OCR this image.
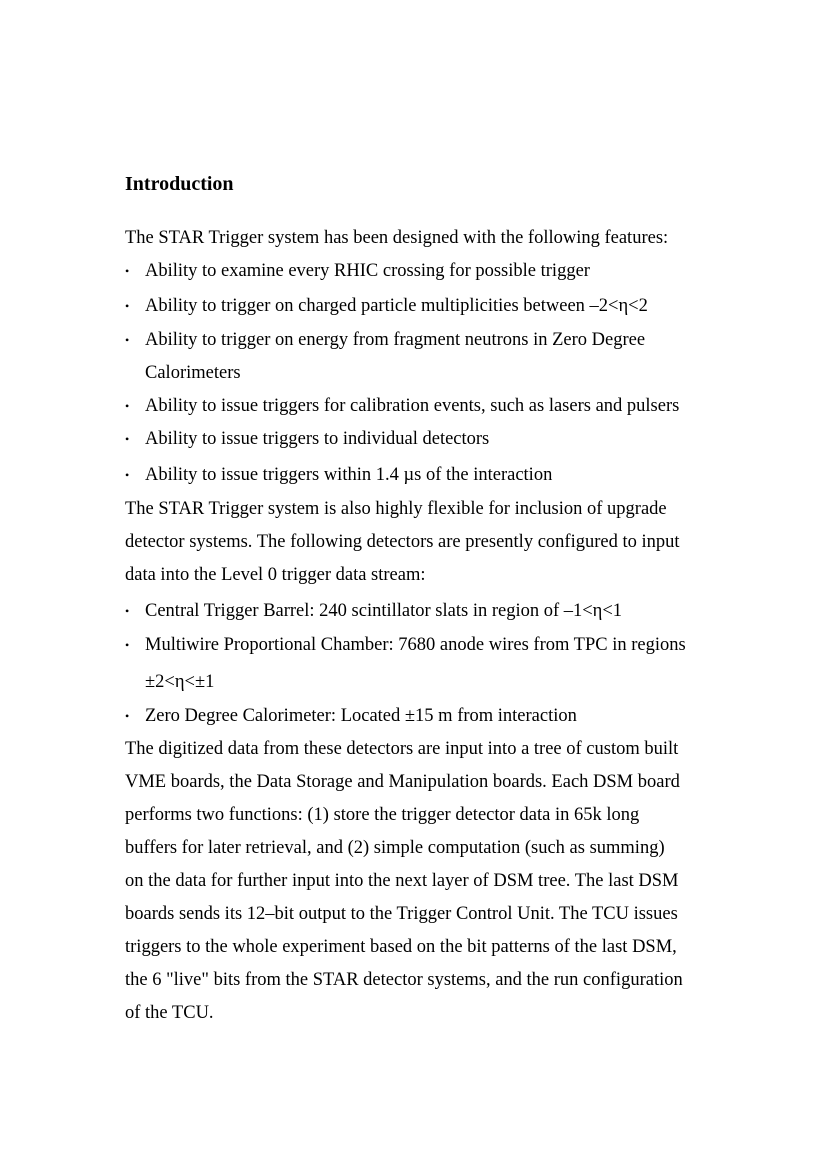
Introduction

The STAR Trigger system has been designed with the following features:

• Ability to examine every RHIC crossing for possible trigger

• Ability to trigger on charged particle multiplicities between –2<η<2

• Ability to trigger on energy from fragment neutrons in Zero Degree

Calorimeters

• Ability to issue triggers for calibration events, such as lasers and pulsers

• Ability to issue triggers to individual detectors

• Ability to issue triggers within 1.4 µs of the interaction

The STAR Trigger system is also highly flexible for inclusion of upgrade

detector systems. The following detectors are presently configured to input

data into the Level 0 trigger data stream:

• Central Trigger Barrel: 240 scintillator slats in region of –1<η<1

• Multiwire Proportional Chamber: 7680 anode wires from TPC in regions

±2<η<±1

• Zero Degree Calorimeter: Located ±15 m from interaction

The digitized data from these detectors are input into a tree of custom built

VME boards, the Data Storage and Manipulation boards. Each DSM board

performs two functions: (1) store the trigger detector data in 65k long

buffers for later retrieval, and (2) simple computation (such as summing)

on the data for further input into the next layer of DSM tree. The last DSM

boards sends its 12–bit output to the Trigger Control Unit. The TCU issues

triggers to the whole experiment based on the bit patterns of the last DSM,

the 6 "live" bits from the STAR detector systems, and the run configuration

of the TCU.
